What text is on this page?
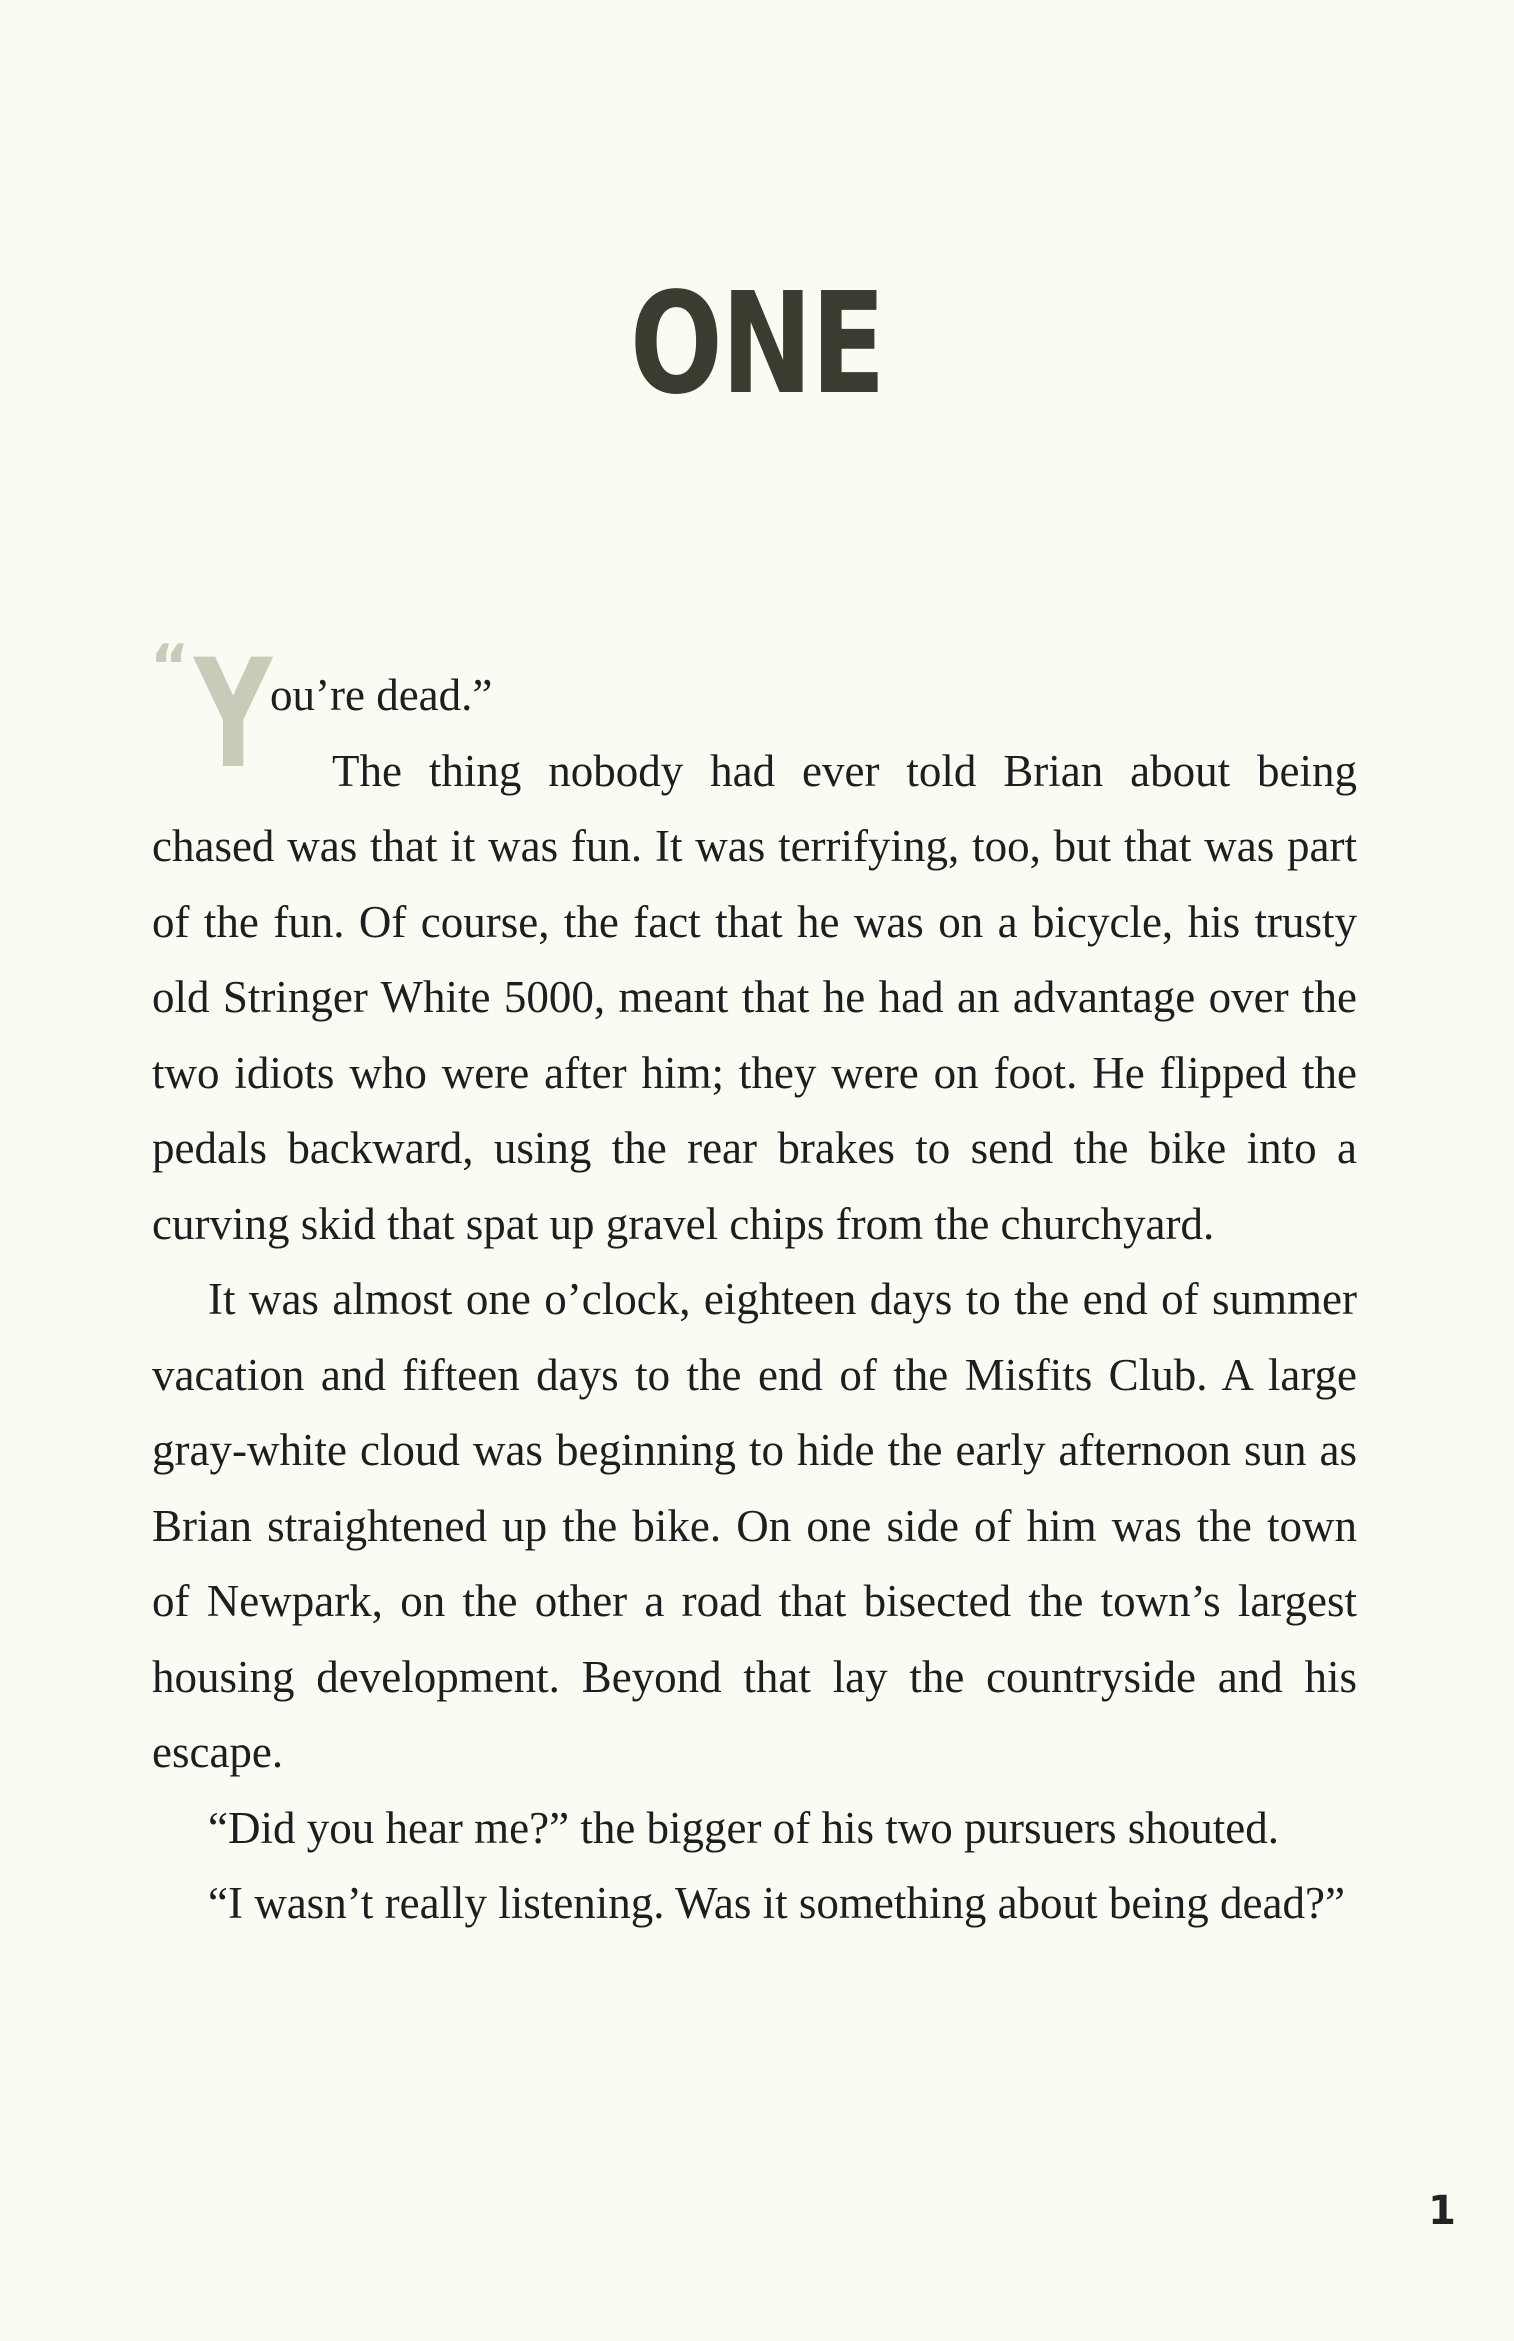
ONE
“ Y

ou’re dead.”

The thing nobody had ever told Brian about being chased was that it was fun. It was terrifying, too, but that was part of the fun. Of course, the fact that he was on a bicycle, his trusty old Stringer White 5000, meant that he had an advantage over the two idiots who were after him; they were on foot. He flipped the pedals backward, using the rear brakes to send the bike into a curving skid that spat up gravel chips from the churchyard.

It was almost one o’clock, eighteen days to the end of summer vacation and fifteen days to the end of the Misfits Club. A large gray-white cloud was beginning to hide the early afternoon sun as Brian straightened up the bike. On one side of him was the town of Newpark, on the other a road that bisected the town’s largest housing development. Beyond that lay the countryside and his escape.

“Did you hear me?” the bigger of his two pursuers shouted.

“I wasn’t really listening. Was it something about being dead?”

1
